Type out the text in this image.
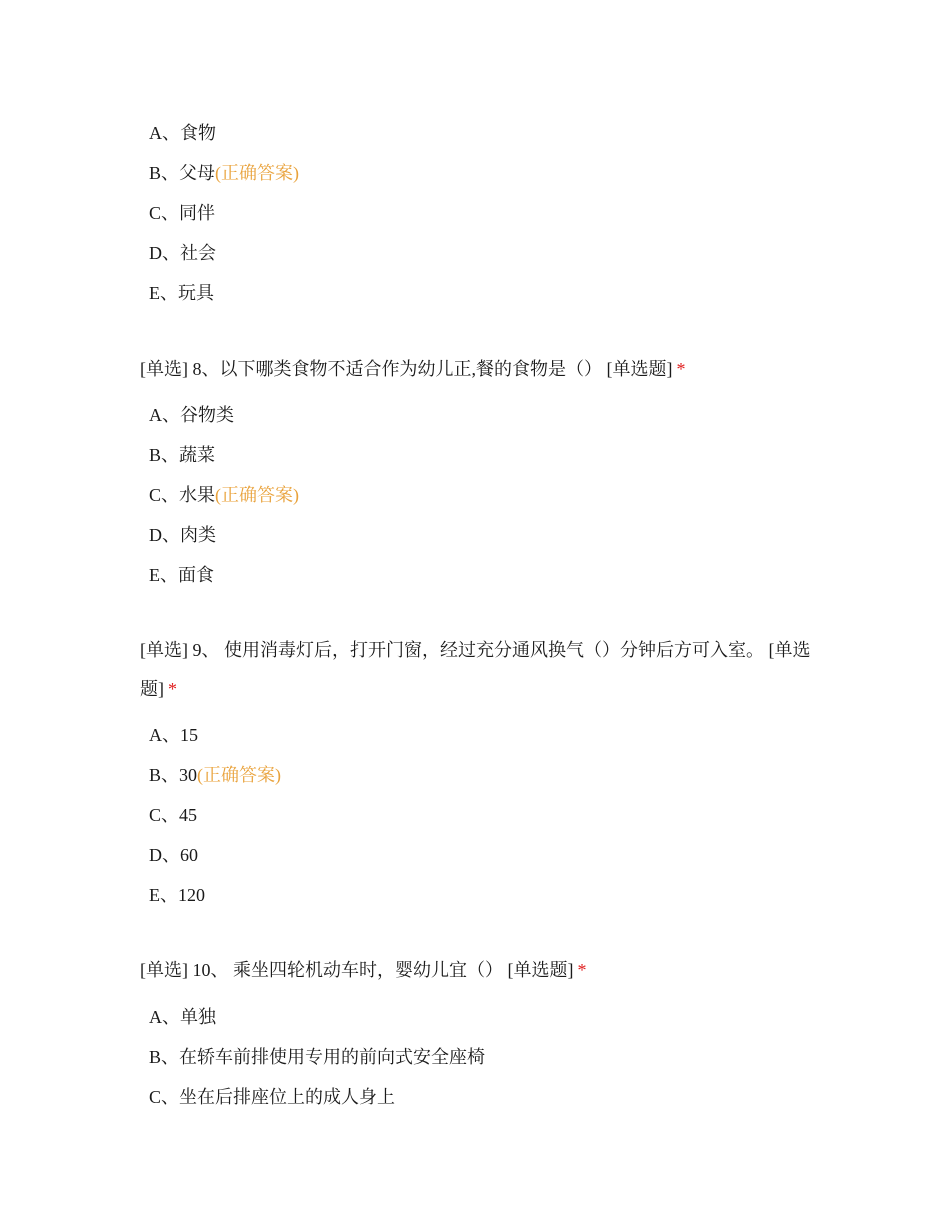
A、食物
B、父母(正确答案)
C、同伴
D、社会
E、玩具

[单选] 8、以下哪类食物不适合作为幼儿正,餐的食物是（） [单选题] *

A、谷物类
B、蔬菜
C、水果(正确答案)
D、肉类
E、面食

[单选] 9、 使用消毒灯后，打开门窗，经过充分通风换气（）分钟后方可入室。 [单选题] *

A、15
B、30(正确答案)
C、45
D、60
E、120

[单选] 10、 乘坐四轮机动车时，婴幼儿宜（） [单选题] *

A、单独
B、在轿车前排使用专用的前向式安全座椅
C、坐在后排座位上的成人身上
